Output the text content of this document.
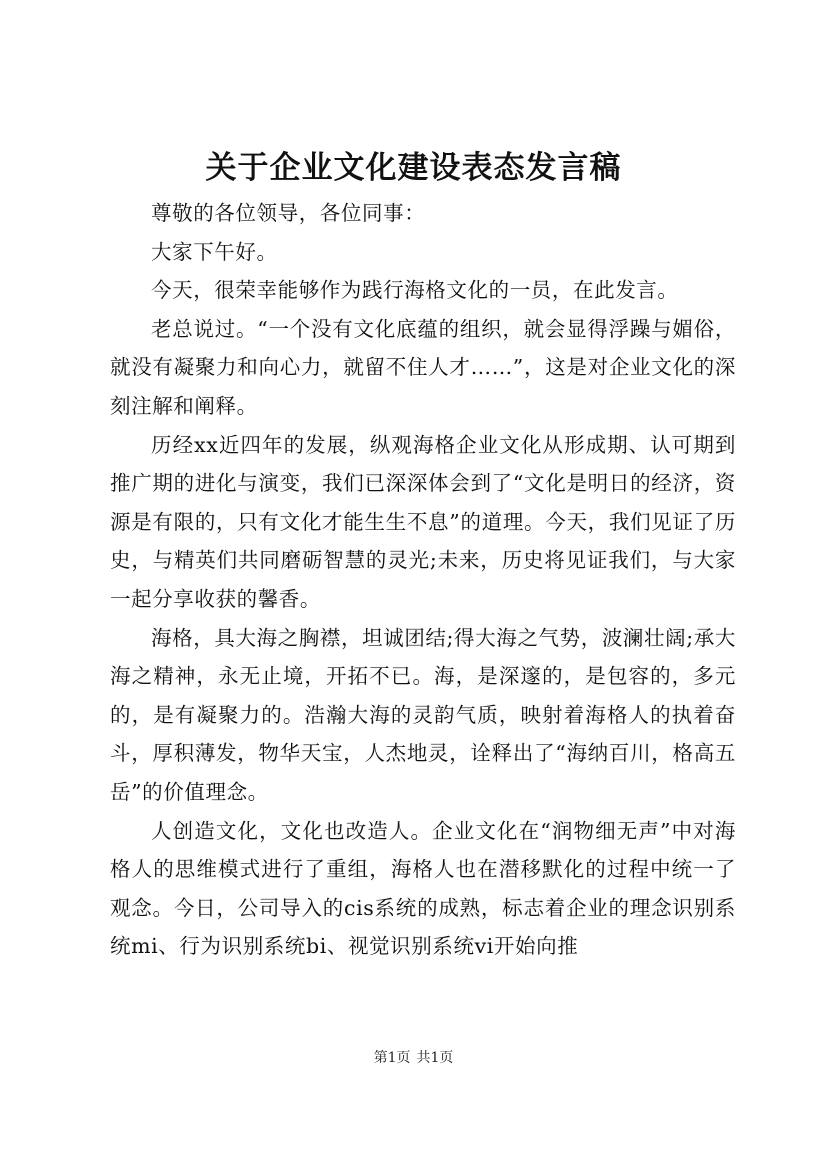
关于企业文化建设表态发言稿

尊敬的各位领导，各位同事：

大家下午好。

今天，很荣幸能够作为践行海格文化的一员，在此发言。

老总说过。“一个没有文化底蕴的组织，就会显得浮躁与媚俗，就没有凝聚力和向心力，就留不住人才……”，这是对企业文化的深刻注解和阐释。

历经xx近四年的发展，纵观海格企业文化从形成期、认可期到推广期的进化与演变，我们已深深体会到了“文化是明日的经济，资源是有限的，只有文化才能生生不息”的道理。今天，我们见证了历史，与精英们共同磨砺智慧的灵光;未来，历史将见证我们，与大家一起分享收获的馨香。

海格，具大海之胸襟，坦诚团结;得大海之气势，波澜壮阔;承大海之精神，永无止境，开拓不已。海，是深邃的，是包容的，多元的，是有凝聚力的。浩瀚大海的灵韵气质，映射着海格人的执着奋斗，厚积薄发，物华天宝，人杰地灵，诠释出了“海纳百川，格高五岳”的价值理念。

人创造文化，文化也改造人。企业文化在“润物细无声”中对海格人的思维模式进行了重组，海格人也在潜移默化的过程中统一了观念。今日，公司导入的cis系统的成熟，标志着企业的理念识别系统mi、行为识别系统bi、视觉识别系统vi开始向推

第1页 共1页
